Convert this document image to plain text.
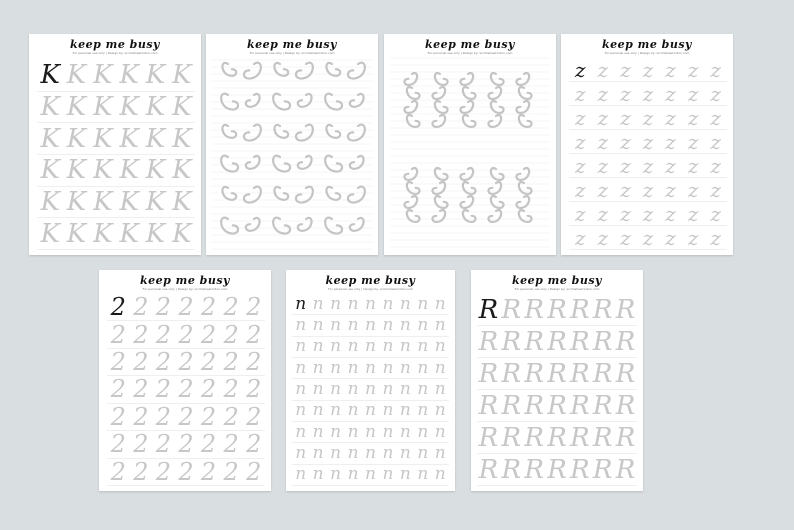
keep me busy
For personal use only | Design by: scrimshawrindon.com
K K K K K K
K K K K K K
K K K K K K
K K K K K K
K K K K K K
K K K K K K
keep me busy
For personal use only | Design by: scrimshawrindon.com
keep me busy
For personal use only | Design by: scrimshawrindon.com
keep me busy
For personal use only | Design by: scrimshawrindon.com
z z z z z z z
z z z z z z z
z z z z z z z
z z z z z z z
z z z z z z z
z z z z z z z
z z z z z z z
z z z z z z z
keep me busy
For personal use only | Design by: scrimshawrindon.com
2 2 2 2 2 2 2
2 2 2 2 2 2 2
2 2 2 2 2 2 2
2 2 2 2 2 2 2
2 2 2 2 2 2 2
2 2 2 2 2 2 2
2 2 2 2 2 2 2
keep me busy
For personal use only | Design by: scrimshawrindon.com
n n n n n n n n n
n n n n n n n n n
n n n n n n n n n
n n n n n n n n n
n n n n n n n n n
n n n n n n n n n
n n n n n n n n n
n n n n n n n n n
n n n n n n n n n
keep me busy
For personal use only | Design by: scrimshawrindon.com
R R R R R R R
R R R R R R R
R R R R R R R
R R R R R R R
R R R R R R R
R R R R R R R
